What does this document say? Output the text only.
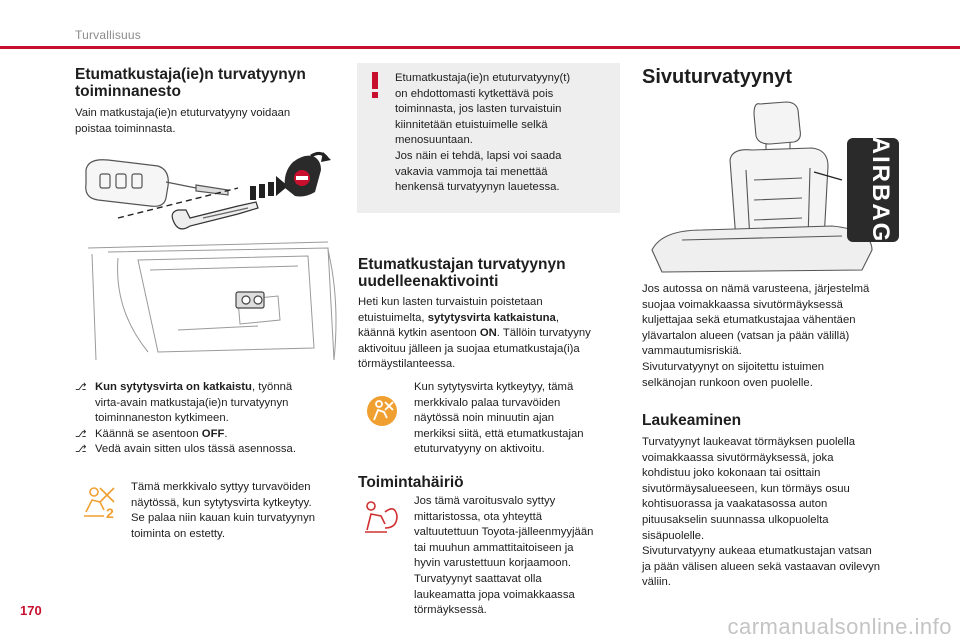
Turvallisuus
Etumatkustaja(ie)n turvatyynyn
toiminnanesto
Vain matkustaja(ie)n etuturvatyyny voidaan
poistaa toiminnasta.
⎇ Kun sytytysvirta on katkaistu, työnnä
virta-avain matkustaja(ie)n turvatyynyn
toiminnaneston kytkimeen.
⎇ Käännä se asentoon OFF.
⎇ Vedä avain sitten ulos tässä asennossa.
2
Tämä merkkivalo syttyy turvavöiden
näytössä, kun sytytysvirta kytkeytyy.
Se palaa niin kauan kuin turvatyynyn
toiminta on estetty.
Etumatkustaja(ie)n etuturvatyyny(t)
on ehdottomasti kytkettävä pois
toiminnasta, jos lasten turvaistuin
kiinnitetään etuistuimelle selkä
menosuuntaan.
Jos näin ei tehdä, lapsi voi saada
vakavia vammoja tai menettää
henkensä turvatyynyn lauetessa.
Etumatkustajan turvatyynyn
uudelleenaktivointi
Heti kun lasten turvaistuin poistetaan
etuistuimelta, sytytysvirta katkaistuna,
käännä kytkin asentoon ON. Tällöin turvatyyny
aktivoituu jälleen ja suojaa etumatkustaja(i)a
törmäystilanteessa.
Kun sytytysvirta kytkeytyy, tämä
merkkivalo palaa turvavöiden
näytössä noin minuutin ajan
merkiksi siitä, että etumatkustajan
etuturvatyyny on aktivoitu.
Toimintahäiriö
Jos tämä varoitusvalo syttyy
mittaristossa, ota yhteyttä
valtuutettuun Toyota-jälleenmyyjään
tai muuhun ammattitaitoiseen ja
hyvin varustettuun korjaamoon.
Turvatyynyt saattavat olla
laukeamatta jopa voimakkaassa
törmäyksessä.
Sivuturvatyynyt
AIRBAG
Jos autossa on nämä varusteena, järjestelmä
suojaa voimakkaassa sivutörmäyksessä
kuljettajaa sekä etumatkustajaa vähentäen
ylävartalon alueen (vatsan ja pään välillä)
vammautumisriskiä.
Sivuturvatyynyt on sijoitettu istuimen
selkänojan runkoon oven puolelle.
Laukeaminen
Turvatyynyt laukeavat törmäyksen puolella
voimakkaassa sivutörmäyksessä, joka
kohdistuu joko kokonaan tai osittain
sivutörmäysalueeseen, kun törmäys osuu
kohtisuorassa ja vaakatasossa auton
pituusakselin suunnassa ulkopuolelta
sisäpuolelle.
Sivuturvatyyny aukeaa etumatkustajan vatsan
ja pään välisen alueen sekä vastaavan ovilevyn
väliin.
170
carmanualsonline.info
